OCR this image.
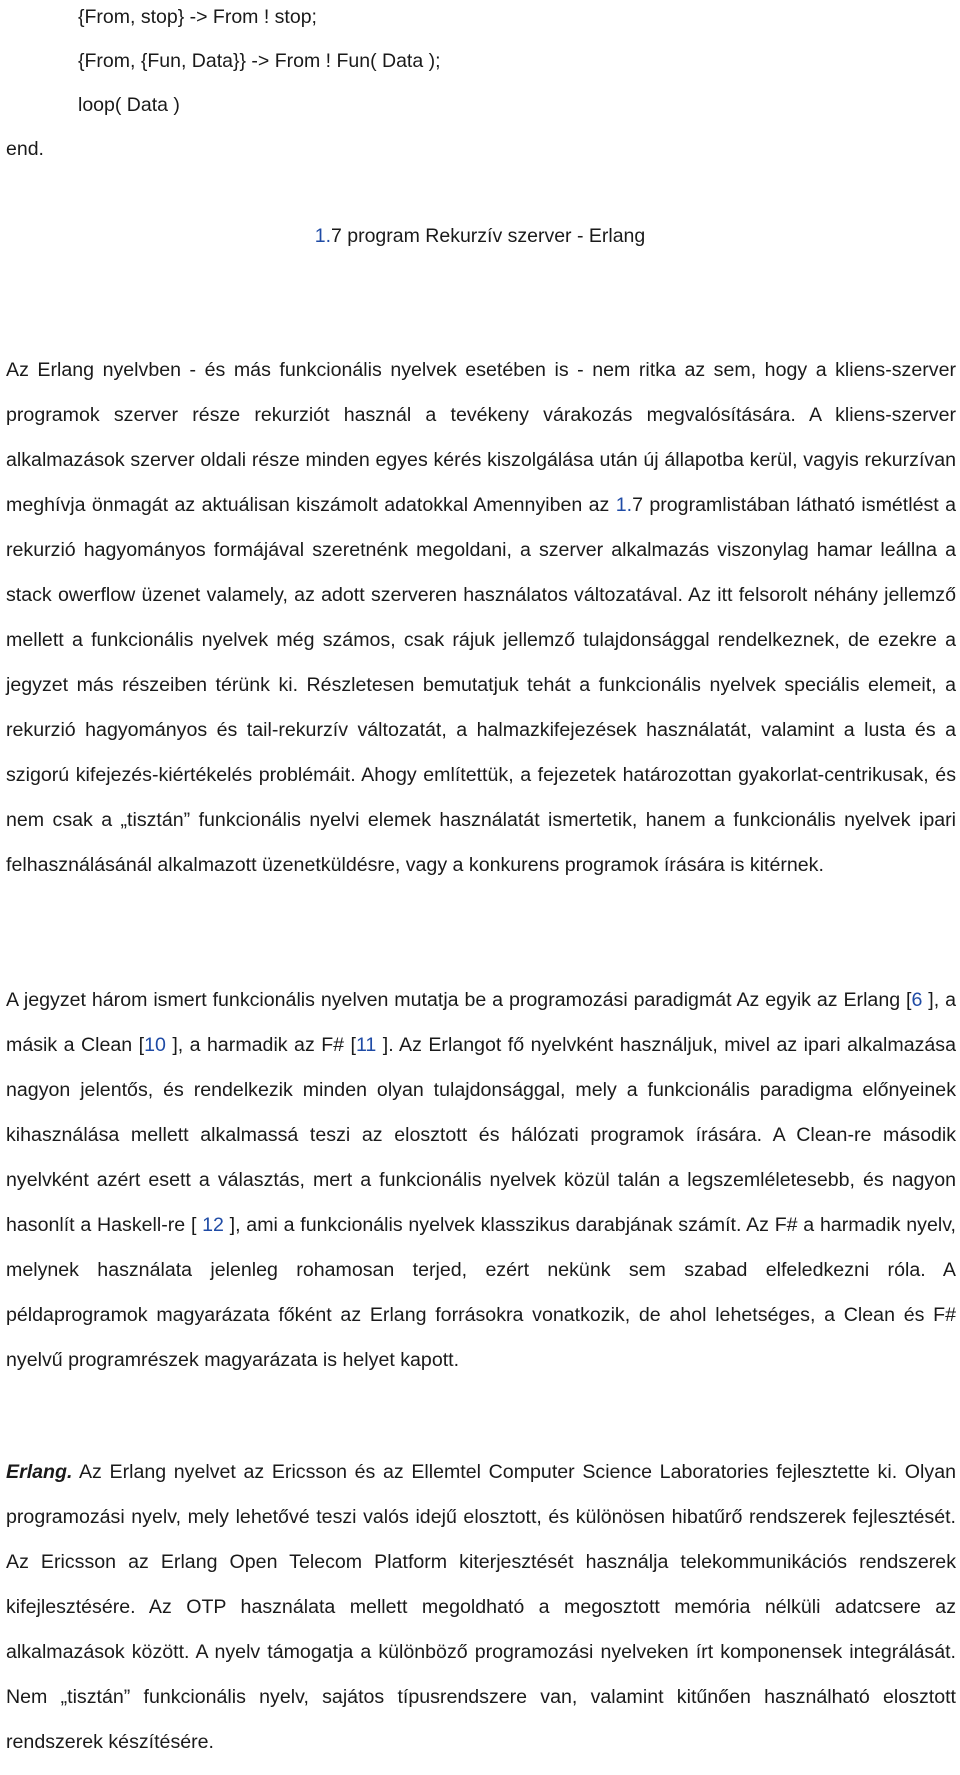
{From, stop} -> From ! stop;
{From, {Fun, Data}} -> From ! Fun( Data );
loop( Data )
end.
1.7 program Rekurzív szerver - Erlang

Az Erlang nyelvben - és más funkcionális nyelvek esetében is - nem ritka az sem, hogy a kliens-szerver programok szerver része rekurziót használ a tevékeny várakozás megvalósítására. A kliens-szerver alkalmazások szerver oldali része minden egyes kérés kiszolgálása után új állapotba kerül, vagyis rekurzívan meghívja önmagát az aktuálisan kiszámolt adatokkal Amennyiben az 1.7 programlistában látható ismétlést a rekurzió hagyományos formájával szeretnénk megoldani, a szerver alkalmazás viszonylag hamar leállna a stack owerflow üzenet valamely, az adott szerveren használatos változatával. Az itt felsorolt néhány jellemző mellett a funkcionális nyelvek még számos, csak rájuk jellemző tulajdonsággal rendelkeznek, de ezekre a jegyzet más részeiben térünk ki. Részletesen bemutatjuk tehát a funkcionális nyelvek speciális elemeit, a rekurzió hagyományos és tail-rekurzív változatát, a halmazkifejezések használatát, valamint a lusta és a szigorú kifejezés-kiértékelés problémáit. Ahogy említettük, a fejezetek határozottan gyakorlat-centrikusak, és nem csak a „tisztán” funkcionális nyelvi elemek használatát ismertetik, hanem a funkcionális nyelvek ipari felhasználásánál alkalmazott üzenetküldésre, vagy a konkurens programok írására is kitérnek.

A jegyzet három ismert funkcionális nyelven mutatja be a programozási paradigmát Az egyik az Erlang [6 ], a másik a Clean [10 ], a harmadik az F# [11 ]. Az Erlangot fő nyelvként használjuk, mivel az ipari alkalmazása nagyon jelentős, és rendelkezik minden olyan tulajdonsággal, mely a funkcionális paradigma előnyeinek kihasználása mellett alkalmassá teszi az elosztott és hálózati programok írására. A Clean-re második nyelvként azért esett a választás, mert a funkcionális nyelvek közül talán a legszemléletesebb, és nagyon hasonlít a Haskell-re [ 12 ], ami a funkcionális nyelvek klasszikus darabjának számít. Az F# a harmadik nyelv, melynek használata jelenleg rohamosan terjed, ezért nekünk sem szabad elfeledkezni róla. A példaprogramok magyarázata főként az Erlang forrásokra vonatkozik, de ahol lehetséges, a Clean és F# nyelvű programrészek magyarázata is helyet kapott.

Erlang. Az Erlang nyelvet az Ericsson és az Ellemtel Computer Science Laboratories fejlesztette ki. Olyan programozási nyelv, mely lehetővé teszi valós idejű elosztott, és különösen hibatűrő rendszerek fejlesztését. Az Ericsson az Erlang Open Telecom Platform kiterjesztését használja telekommunikációs rendszerek kifejlesztésére. Az OTP használata mellett megoldható a megosztott memória nélküli adatcsere az alkalmazások között. A nyelv támogatja a különböző programozási nyelveken írt komponensek integrálását. Nem „tisztán” funkcionális nyelv, sajátos típusrendszere van, valamint kitűnően használható elosztott rendszerek készítésére.
